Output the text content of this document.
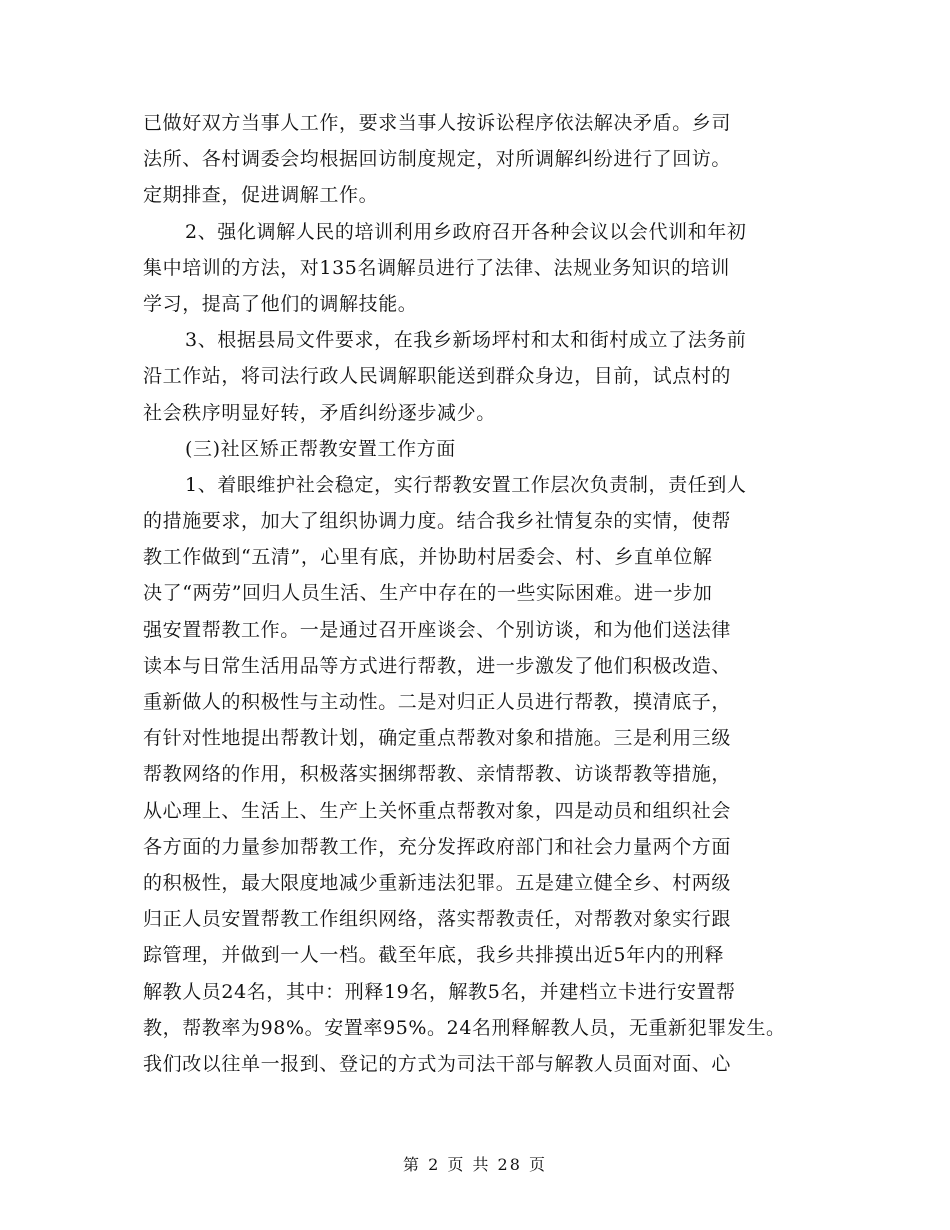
已做好双方当事人工作，要求当事人按诉讼程序依法解决矛盾。乡司
法所、各村调委会均根据回访制度规定，对所调解纠纷进行了回访。
定期排查，促进调解工作。
2、强化调解人民的培训利用乡政府召开各种会议以会代训和年初
集中培训的方法，对135名调解员进行了法律、法规业务知识的培训
学习，提高了他们的调解技能。
3、根据县局文件要求，在我乡新场坪村和太和街村成立了法务前
沿工作站，将司法行政人民调解职能送到群众身边，目前，试点村的
社会秩序明显好转，矛盾纠纷逐步减少。
(三)社区矫正帮教安置工作方面
1、着眼维护社会稳定，实行帮教安置工作层次负责制，责任到人
的措施要求，加大了组织协调力度。结合我乡社情复杂的实情，使帮
教工作做到“五清”，心里有底，并协助村居委会、村、乡直单位解
决了“两劳”回归人员生活、生产中存在的一些实际困难。进一步加
强安置帮教工作。一是通过召开座谈会、个别访谈，和为他们送法律
读本与日常生活用品等方式进行帮教，进一步激发了他们积极改造、
重新做人的积极性与主动性。二是对归正人员进行帮教，摸清底子，
有针对性地提出帮教计划，确定重点帮教对象和措施。三是利用三级
帮教网络的作用，积极落实捆绑帮教、亲情帮教、访谈帮教等措施，
从心理上、生活上、生产上关怀重点帮教对象，四是动员和组织社会
各方面的力量参加帮教工作，充分发挥政府部门和社会力量两个方面
的积极性，最大限度地减少重新违法犯罪。五是建立健全乡、村两级
归正人员安置帮教工作组织网络，落实帮教责任，对帮教对象实行跟
踪管理，并做到一人一档。截至年底，我乡共排摸出近5年内的刑释
解教人员24名，其中：刑释19名，解教5名，并建档立卡进行安置帮
教，帮教率为98%。安置率95%。24名刑释解教人员，无重新犯罪发生。
我们改以往单一报到、登记的方式为司法干部与解教人员面对面、心
第 2 页 共 28 页
